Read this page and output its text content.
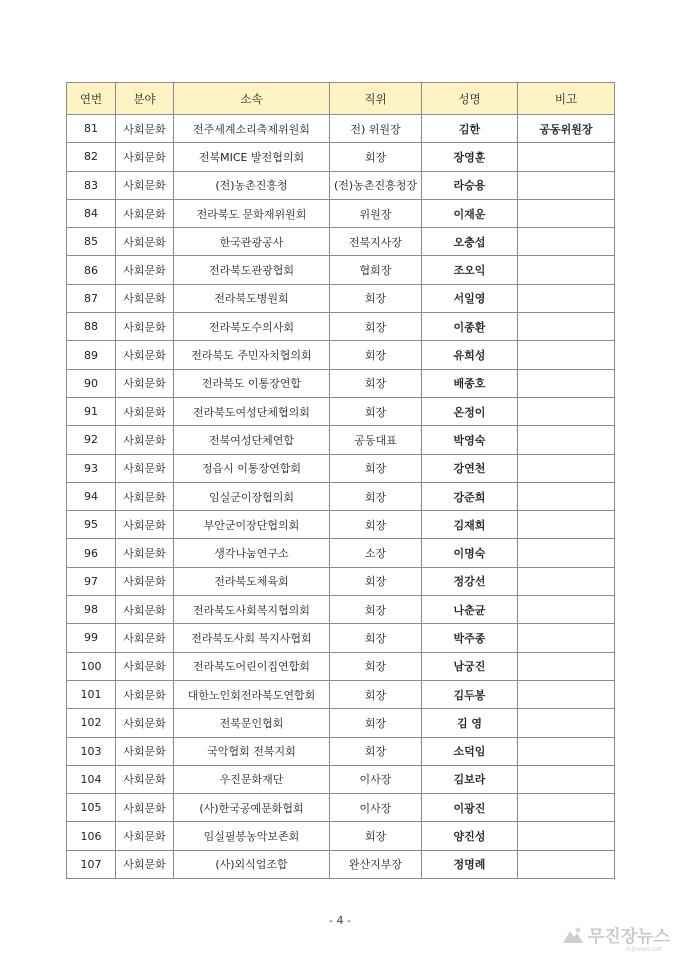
연번	분야	소속	직위	성명	비고
81	사회문화	전주세계소리축제위원회	전) 위원장	김한	공동위원장
82	사회문화	전북MICE 발전협의회	회장	장영훈	
83	사회문화	(전)농촌진흥청	(전)농촌진흥청장	라승용	
84	사회문화	전라북도 문화재위원회	위원장	이재운	
85	사회문화	한국관광공사	전북지사장	오충섭	
86	사회문화	전라북도관광협회	협회장	조오익	
87	사회문화	전라북도병원회	회장	서일영	
88	사회문화	전라북도수의사회	회장	이종환	
89	사회문화	전라북도 주민자치협의회	회장	유희성	
90	사회문화	전라북도 이통장연합	회장	배종호	
91	사회문화	전라북도여성단체협의회	회장	온정이	
92	사회문화	전북여성단체연합	공동대표	박영숙	
93	사회문화	정읍시 이통장연합회	회장	강연천	
94	사회문화	임실군이장협의회	회장	강준희	
95	사회문화	부안군이장단협의회	회장	김재희	
96	사회문화	생각나눔연구소	소장	이명숙	
97	사회문화	전라북도체육회	회장	정강선	
98	사회문화	전라북도사회복지협의회	회장	나춘균	
99	사회문화	전라북도사회 복지사협회	회장	박주종	
100	사회문화	전라북도어린이집연합회	회장	남궁진	
101	사회문화	대한노인회전라북도연합회	회장	김두봉	
102	사회문화	전북문인협회	회장	김 영	
103	사회문화	국악협회 전북지회	회장	소덕임	
104	사회문화	우진문화재단	이사장	김보라	
105	사회문화	(사)한국공예문화협회	이사장	이광진	
106	사회문화	임실필봉농악보존회	회장	양진성	
107	사회문화	(사)외식업조합	완산지부장	정명례	
- 4 -
무진장뉴스
mjjnews.net
